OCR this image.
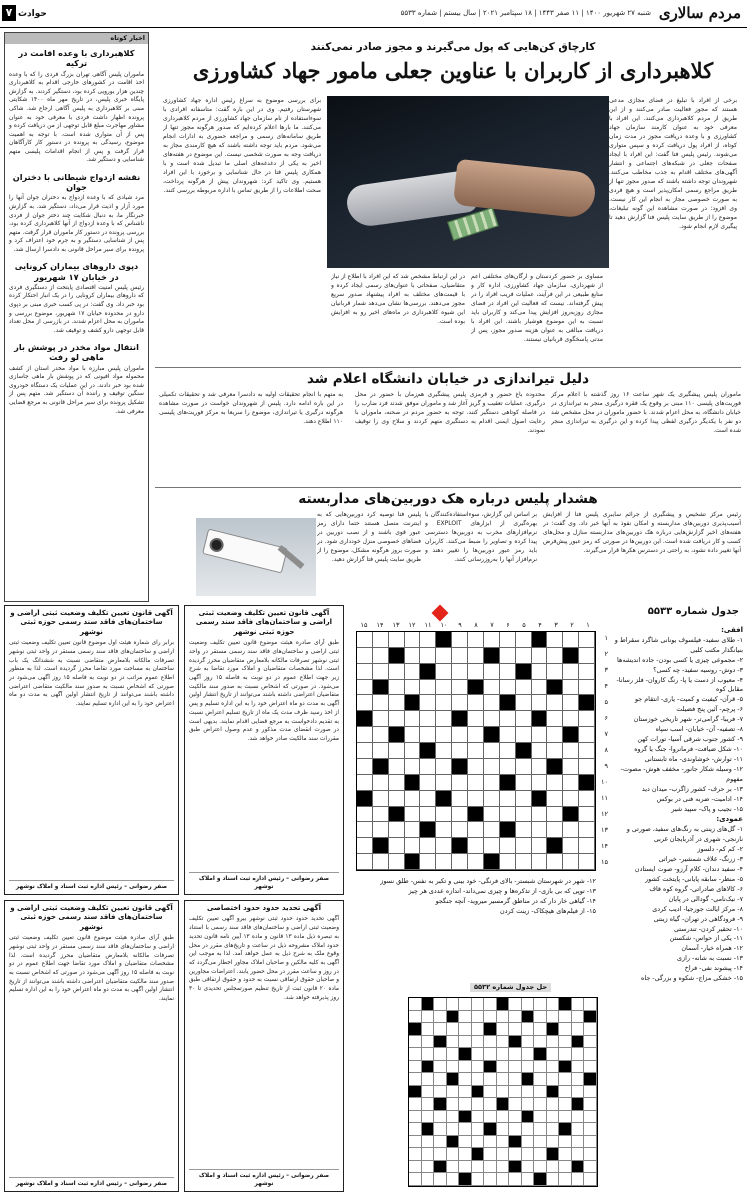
مردم سالاری
شنبه ۲۷ شهریور ۱۴۰۰ | ۱۱ صفر ۱۴۴۳ | ۱۸ سپتامبر ۲۰۲۱ | سال بیستم | شماره ۵۵۳۳
حوادث
۷
اخبار کوتاه
کلاهبرداری با وعده اقامت در ترکیه
ماموران پلیس آگاهی تهران بزرگ فردی را که با وعده اخذ اقامت در کشورهای خارجی اقدام به کلاهبرداری چندین هزار یورویی کرده بود، دستگیر کردند. به گزارش پایگاه خبری پلیس، در تاریخ مهر ماه ۱۴۰۰ شکایتی مبنی بر کلاهبرداری به پلیس آگاهی ارجاع شد. شاکی پرونده اظهار داشت فردی با معرفی خود به عنوان مشاور مهاجرت مبلغ قابل توجهی از من دریافت کرده و پس از آن متواری شده است. با توجه به اهمیت موضوع، رسیدگی به پرونده در دستور کار کارآگاهان قرار گرفت و پس از انجام اقدامات پلیسی متهم شناسایی و دستگیر شد.
نقشه ازدواج شیطانی با دختران جوان
مرد شیادی که با وعده ازدواج به دختران جوان آنها را مورد آزار و اذیت قرار می‌داد، دستگیر شد. به گزارش خبرنگار ما، به دنبال شکایت چند دختر جوان از فردی ناشناس که با وعده ازدواج از آنها کلاهبرداری کرده بود، بررسی پرونده در دستور کار ماموران قرار گرفت. متهم پس از شناسایی دستگیر و به جرم خود اعتراف کرد و پرونده برای سیر مراحل قانونی به دادسرا ارسال شد.
دپوی داروهای بیماران کرونایی در خیابان ۱۷ شهریور
رئیس پلیس امنیت اقتصادی پایتخت از دستگیری فردی که داروهای بیماران کرونایی را در یک انبار احتکار کرده بود خبر داد. وی گفت: در پی کسب خبری مبنی بر دپوی دارو در محدوده خیابان ۱۷ شهریور، موضوع بررسی و ماموران به محل اعزام شدند. در بازرسی از محل تعداد قابل توجهی دارو کشف و توقیف شد.
انتقال مواد مخدر در پوشش بار ماهی لو رفت
ماموران پلیس مبارزه با مواد مخدر استان از کشف محموله مواد افیونی که در پوشش بار ماهی جاسازی شده بود خبر دادند. در این عملیات یک دستگاه خودروی سنگین توقیف و راننده آن دستگیر شد. متهم پس از تشکیل پرونده برای سیر مراحل قانونی به مرجع قضایی معرفی شد.
کارچاق کن‌هایی که پول می‌گیرند و مجوز صادر نمی‌کنند
کلاهبرداری از کاربران با عناوین جعلی مامور جهاد کشاورزی
برخی از افراد با تبلیغ در فضای مجازی مدعی هستند که مجوز فعالیت صادر می‌کنند و از این طریق از مردم کلاهبرداری می‌کنند. این افراد با معرفی خود به عنوان کارمند سازمان جهاد کشاورزی و با وعده دریافت مجوز در مدت زمان کوتاه، از افراد پول دریافت کرده و سپس متواری می‌شوند. رئیس پلیس فتا گفت: این افراد با ایجاد صفحات جعلی در شبکه‌های اجتماعی و انتشار آگهی‌های مختلف اقدام به جذب مخاطب می‌کنند. شهروندان توجه داشته باشند که صدور مجوز تنها از طریق مراجع رسمی امکان‌پذیر است و هیچ فردی به صورت خصوصی مجاز به انجام این کار نیست. وی افزود: در صورت مشاهده این گونه تبلیغات، موضوع را از طریق سایت پلیس فتا گزارش دهید تا پیگیری لازم انجام شود.
مساوی بر حضور کردستان و ارگان‌های مختلفی اعم از شهرداری، سازمان جهاد کشاورزی، اداره کار و منابع طبیعی در این فرآیند، عملیات فریب افراد را در پیش گرفته‌اند. نیست که فعالیت این افراد در فضای مجازی روزبه‌روز افزایش پیدا می‌کند و کاربران باید نسبت به این موضوع هوشیار باشند. این افراد با دریافت مبالغی به عنوان هزینه صدور مجوز، پس از مدتی پاسخگوی قربانیان نیستند.
در این ارتباط مشخص شد که این افراد با اطلاع از نیاز متقاضیان، صفحاتی با عنوان‌های رسمی ایجاد کرده و با قیمت‌های مختلف به افراد پیشنهاد صدور سریع مجوز می‌دهند. بررسی‌ها نشان می‌دهد شمار قربانیان این شیوه کلاهبرداری در ماه‌های اخیر رو به افزایش بوده است.
برای بررسی موضوع به سراغ رئیس اداره جهاد کشاورزی شهرستان رفتیم. وی در این باره گفت: متاسفانه افرادی با سوءاستفاده از نام سازمان جهاد کشاورزی از مردم کلاهبرداری می‌کنند. ما بارها اعلام کرده‌ایم که صدور هرگونه مجوز تنها از طریق سامانه‌های رسمی و مراجعه حضوری به ادارات انجام می‌شود. مردم باید توجه داشته باشند که هیچ کارمندی مجاز به دریافت وجه به صورت شخصی نیست. این موضوع در هفته‌های اخیر به یکی از دغدغه‌های اصلی ما تبدیل شده است و با همکاری پلیس فتا در حال شناسایی و برخورد با این افراد هستیم. وی تاکید کرد: شهروندان پیش از هرگونه پرداخت، صحت اطلاعات را از طریق تماس با اداره مربوطه بررسی کنند.
دلیل تیراندازی در خیابان دانشگاه اعلام شد
ماموران پلیس پیشگیری یک شهر ساعت ۱۶ روز گذشته با اعلام مرکز فوریت‌های پلیسی ۱۱۰ مبنی بر وقوع یک فقره درگیری منجر به تیراندازی در خیابان دانشگاه، به محل اعزام شدند. با حضور ماموران در محل مشخص شد دو نفر با یکدیگر درگیری لفظی پیدا کرده و این درگیری به تیراندازی منجر شده است.
محدوده باغ حضور و قرمزی پلیس پیشگیری هم‌زمان با حضور در محل درگیری، عملیات تعقیب و گریز آغاز شد و ماموران موفق شدند فرد ضارب را در فاصله کوتاهی دستگیر کنند. توجه به حضور مردم در صحنه، ماموران با رعایت اصول ایمنی اقدام به دستگیری متهم کردند و سلاح وی را توقیف نمودند.
به متهم با انجام تحقیقات اولیه به دادسرا معرفی شد و تحقیقات تکمیلی در این باره ادامه دارد. پلیس از شهروندان خواست در صورت مشاهده هرگونه درگیری یا تیراندازی، موضوع را سریعا به مرکز فوریت‌های پلیسی ۱۱۰ اطلاع دهند.
هشدار پلیس درباره هک دوربین‌های مداربسته
رئیس مرکز تشخیص و پیشگیری از جرائم سایبری پلیس فتا از افزایش آسیب‌پذیری دوربین‌های مداربسته و امکان نفوذ به آنها خبر داد. وی گفت: در هفته‌های اخیر گزارش‌هایی درباره هک دوربین‌های مداربسته منازل و محل‌های کسب و کار دریافت شده است. این دوربین‌ها در صورتی که رمز عبور پیش‌فرض آنها تغییر داده نشود، به راحتی در دسترس هکرها قرار می‌گیرند.
بر اساس این گزارش، سوءاستفاده‌کنندگان با بهره‌گیری از ابزارهای EXPLOIT و نرم‌افزارهای مخرب به دوربین‌ها دسترسی پیدا کرده و تصاویر را ضبط می‌کنند. کاربران باید رمز عبور دوربین‌ها را تغییر دهند و نرم‌افزار آنها را به‌روزرسانی کنند.
پلیس فتا توصیه کرد دوربین‌هایی که به اینترنت متصل هستند حتما دارای رمز عبور قوی باشند و از نصب دوربین در فضاهای خصوصی منزل خودداری شود. در صورت بروز هرگونه مشکل، موضوع را از طریق سایت پلیس فتا گزارش دهید.
جدول شماره ۵۵۳۳
افقی:
۱- طلای سفید- فیلسوف یونانی شاگرد سقراط و بنیانگذار مکتب کلبی
۲- مجموعی چیزی یا کسی بودن- جاده اندیشه‌ها
۳- دوش- روسیه سفید- چه کسی؟
۴- معیوب از دست یا پا- رنگ کاروان- فلز رسانا- مقابل کوه
۵- قرآن- کیفیت و کمیت- یاری- انتقام جو
۶- پرچم- آئین پنج فضیلت
۷- فریبا- گرامی‌تر- شهر تاریخی خوزستان
۸- تصفیه- آن- خیابان- اسب سپاه
۹- کشور جنوب شرقی آسیا- تورات کهن
۱۰- شکل ضیافت- فرمانروا- جنگ یا گروه
۱۱- توارش- خوشاوندی- ماه تابستانی
۱۲- وسیله شکار جانور- مخفف هوش- مصوت- مفهوم
۱۳- بر حرف- کشور زاگرب- میدان دید
۱۴- ادامیت- ضربه فنی در بوکس
۱۵- نجیب و پاک- سپید شیر
عمودی:
۱- گل‌های زینتی به رنگ‌های سفید، صورتی و نارنجی- شهری در آذربایجان غربی
۲- کم کم- دلسوز
۳- زرنگ- غلاف شمشیر- خیراتی
۴- سفید دندان- کلام آرزو- صوت ایستادن
۵- منظر- سابقه پایانی- پایتخت کشور
۶- کالاهای صادراتی- گروه کوه قاف
۷- نیک‌نامی- گودالی در پایان
۸- مرکز ایالت جورجیا- ادیب کردی
۹- فرودگاهی در تهران- گیاه زینتی
۱۰- تحقیر کردن- تندرستی
۱۱- یکی از حواس- شکستن
۱۲- همراه خیار- آسمان
۱۳- نسبت به شانه- رازی
۱۴- پیشوند نفی- فراخ
۱۵- خشکی مزاج- شکوه و بزرگی- جاه
۱۵	۱۴	۱۳	۱۲	۱۱	۱۰	۹	۸	۷	۶	۵	۴	۳	۲	۱
۱
۲
۳
۴
۵
۶
۷
۸
۹
۱۰
۱۱
۱۲
۱۳
۱۴
۱۵
۱۲- شهر در شهرستان شبستر- بالای فرنگی- خود بینی و تکبر به نفس- طلق نسوز
۱۳- توپی که بی بازی- از تذکره‌ها و چیزی نمی‌داند- اندازه عددی هر چیز
۱۴- گیاهی خار دار که در مناطق گرمسیر میروید- آنچه جنگجو
۱۵- از فیلم‌های هیچکاک- زینت کردن
حل جدول شماره ۵۵۳۲
آگهی قانون تعیین تکلیف وضعیت ثبتی اراضی و ساختمان‌های فاقد سند رسمی حوزه ثبتی نوشهر
طبق آرای صادره هیئت موضوع قانون تعیین تکلیف وضعیت ثبتی اراضی و ساختمان‌های فاقد سند رسمی مستقر در واحد ثبتی نوشهر تصرفات مالکانه بلامعارض متقاضیان محرز گردیده است. لذا مشخصات متقاضیان و املاک مورد تقاضا به شرح زیر جهت اطلاع عموم در دو نوبت به فاصله ۱۵ روز آگهی می‌شود. در صورتی که اشخاص نسبت به صدور سند مالکیت متقاضیان اعتراضی داشته باشند می‌توانند از تاریخ انتشار اولین آگهی به مدت دو ماه اعتراض خود را به این اداره تسلیم و پس از اخذ رسید ظرف مدت یک ماه از تاریخ تسلیم اعتراض نسبت به تقدیم دادخواست به مرجع قضایی اقدام نمایند. بدیهی است در صورت انقضای مدت مذکور و عدم وصول اعتراض طبق مقررات سند مالکیت صادر خواهد شد.
صفر رضوانی – رئیس اداره ثبت اسناد و املاک نوشهر
آگهی قانون تعیین تکلیف وضعیت ثبتی اراضی و ساختمان‌های فاقد سند رسمی حوزه ثبتی نوشهر
برابر رای شماره هیئت اول موضوع قانون تعیین تکلیف وضعیت ثبتی اراضی و ساختمان‌های فاقد سند رسمی مستقر در واحد ثبتی نوشهر تصرفات مالکانه بلامعارض متقاضی نسبت به ششدانگ یک باب ساختمان به مساحت مورد تقاضا محرز گردیده است. لذا به منظور اطلاع عموم مراتب در دو نوبت به فاصله ۱۵ روز آگهی می‌شود در صورتی که اشخاص نسبت به صدور سند مالکیت متقاضی اعتراضی داشته باشند می‌توانند از تاریخ انتشار اولین آگهی به مدت دو ماه اعتراض خود را به این اداره تسلیم نمایند.
صفر رضوانی – رئیس اداره ثبت اسناد و املاک نوشهر
آگهی قانون تعیین تکلیف وضعیت ثبتی اراضی و ساختمان‌های فاقد سند رسمی حوزه ثبتی نوشهر
طبق آرای صادره هیئت موضوع قانون تعیین تکلیف وضعیت ثبتی اراضی و ساختمان‌های فاقد سند رسمی مستقر در واحد ثبتی نوشهر تصرفات مالکانه بلامعارض متقاضیان محرز گردیده است. لذا مشخصات متقاضیان و املاک مورد تقاضا جهت اطلاع عموم در دو نوبت به فاصله ۱۵ روز آگهی می‌شود در صورتی که اشخاص نسبت به صدور سند مالکیت متقاضیان اعتراضی داشته باشند می‌توانند از تاریخ انتشار اولین آگهی به مدت دو ماه اعتراض خود را به این اداره تسلیم نمایند.
صفر رضوانی – رئیس اداره ثبت اسناد و املاک نوشهر
آگهی تحدید حدود حدود اختصاصی
آگهی تحدید حدود حدود ثبتی نوشهر بیرو آگهی تعیین تکلیف وضعیت ثبتی اراضی و ساختمان‌های فاقد سند رسمی با استناد به تبصره ذیل ماده ۱۳ قانون و ماده ۱۳ آیین نامه قانون تحدید حدود املاک مشروحه ذیل در ساعت و تاریخ‌های مقرر در محل وقوع ملک به شرح ذیل به عمل خواهد آمد. لذا به موجب این آگهی به کلیه مالکین و صاحبان املاک مجاور اخطار می‌گردد که در روز و ساعت مقرر در محل حضور یابند. اعتراضات مجاورین و صاحبان حقوق ارتفاقی نسبت به حدود و حقوق ارتفاقی طبق ماده ۲۰ قانون ثبت از تاریخ تنظیم صورتمجلس تحدیدی تا ۳۰ روز پذیرفته خواهد شد.
صفر رضوانی – رئیس اداره ثبت اسناد و املاک نوشهر
